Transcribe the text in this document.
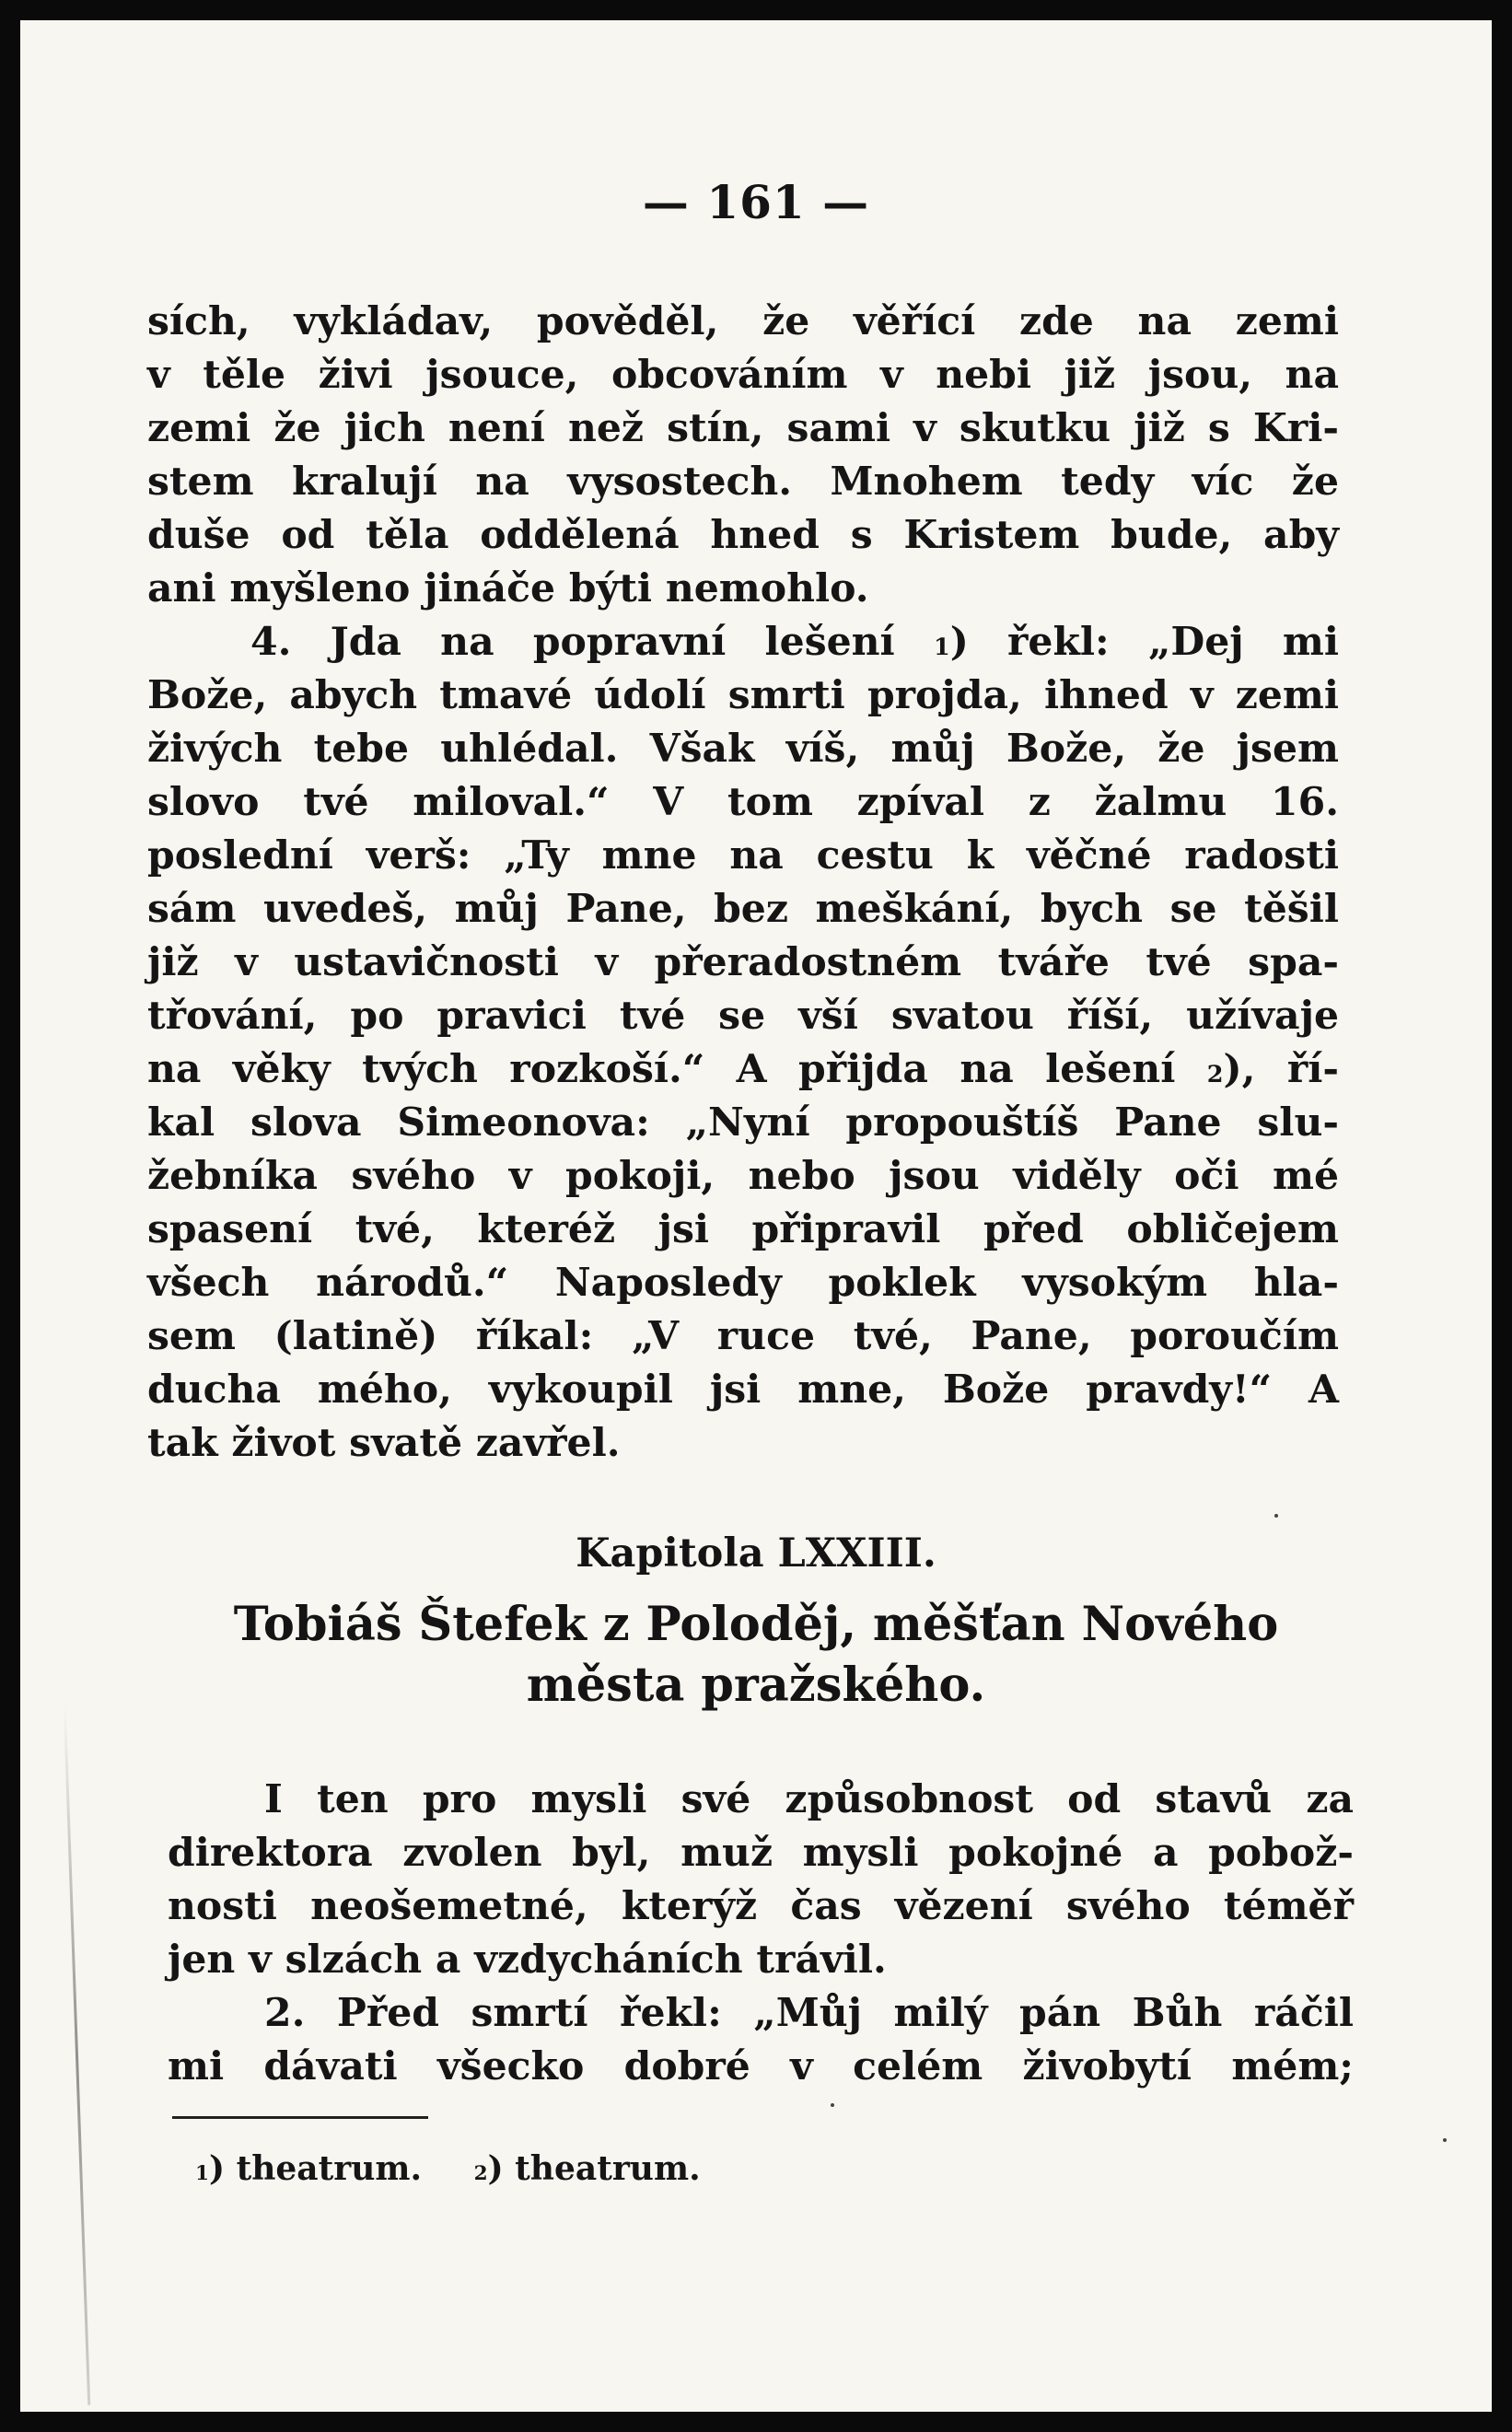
— 161 —
sích, vykládav, pověděl, že věřící zde na zemi
v těle živi jsouce, obcováním v nebi již jsou, na
zemi že jich není než stín, sami v skutku již s Kri-
stem kralují na vysostech. Mnohem tedy víc že
duše od těla oddělená hned s Kristem bude, aby
ani myšleno jináče býti nemohlo.
4. Jda na popravní lešení $^1$) řekl: „Dej mi
Bože, abych tmavé údolí smrti projda, ihned v zemi
živých tebe uhlédal. Však víš, můj Bože, že jsem
slovo tvé miloval.“ V tom zpíval z žalmu 16.
poslední verš: „Ty mne na cestu k věčné radosti
sám uvedeš, můj Pane, bez meškání, bych se těšil
již v ustavičnosti v přeradostném tváře tvé spa-
třování, po pravici tvé se vší svatou říší, užívaje
na věky tvých rozkoší.“ A přijda na lešení $^2$), ří-
kal slova Simeonova: „Nyní propouštíš Pane slu-
žebníka svého v pokoji, nebo jsou viděly oči mé
spasení tvé, kteréž jsi připravil před obličejem
všech národů.“ Naposledy poklek vysokým hla-
sem (latině) říkal: „V ruce tvé, Pane, poroučím
ducha mého, vykoupil jsi mne, Bože pravdy!“ A
tak život svatě zavřel.
Kapitola LXXIII.
Tobiáš Štefek z Poloděj, měšťan Nového
města pražského.
I ten pro mysli své způsobnost od stavů za
direktora zvolen byl, muž mysli pokojné a pobož-
nosti neošemetné, kterýž čas vězení svého téměř
jen v slzách a vzdycháních trávil.
2. Před smrtí řekl: „Můj milý pán Bůh ráčil
mi dávati všecko dobré v celém živobytí mém;
$^1$) theatrum.	$^2$) theatrum.
